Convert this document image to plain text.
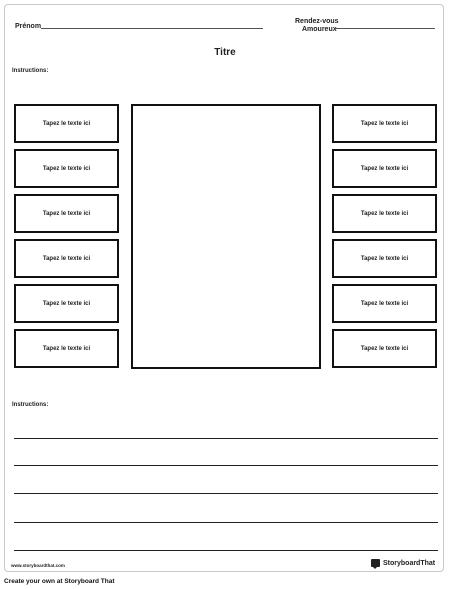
Prénom
Rendez-vous
Amoureux
Titre
Instructions:
Tapez le texte ici
Tapez le texte ici
Tapez le texte ici
Tapez le texte ici
Tapez le texte ici
Tapez le texte ici
Tapez le texte ici
Tapez le texte ici
Tapez le texte ici
Tapez le texte ici
Tapez le texte ici
Tapez le texte ici
Instructions:
www.storyboardthat.com	StoryboardThat
Create your own at Storyboard That
